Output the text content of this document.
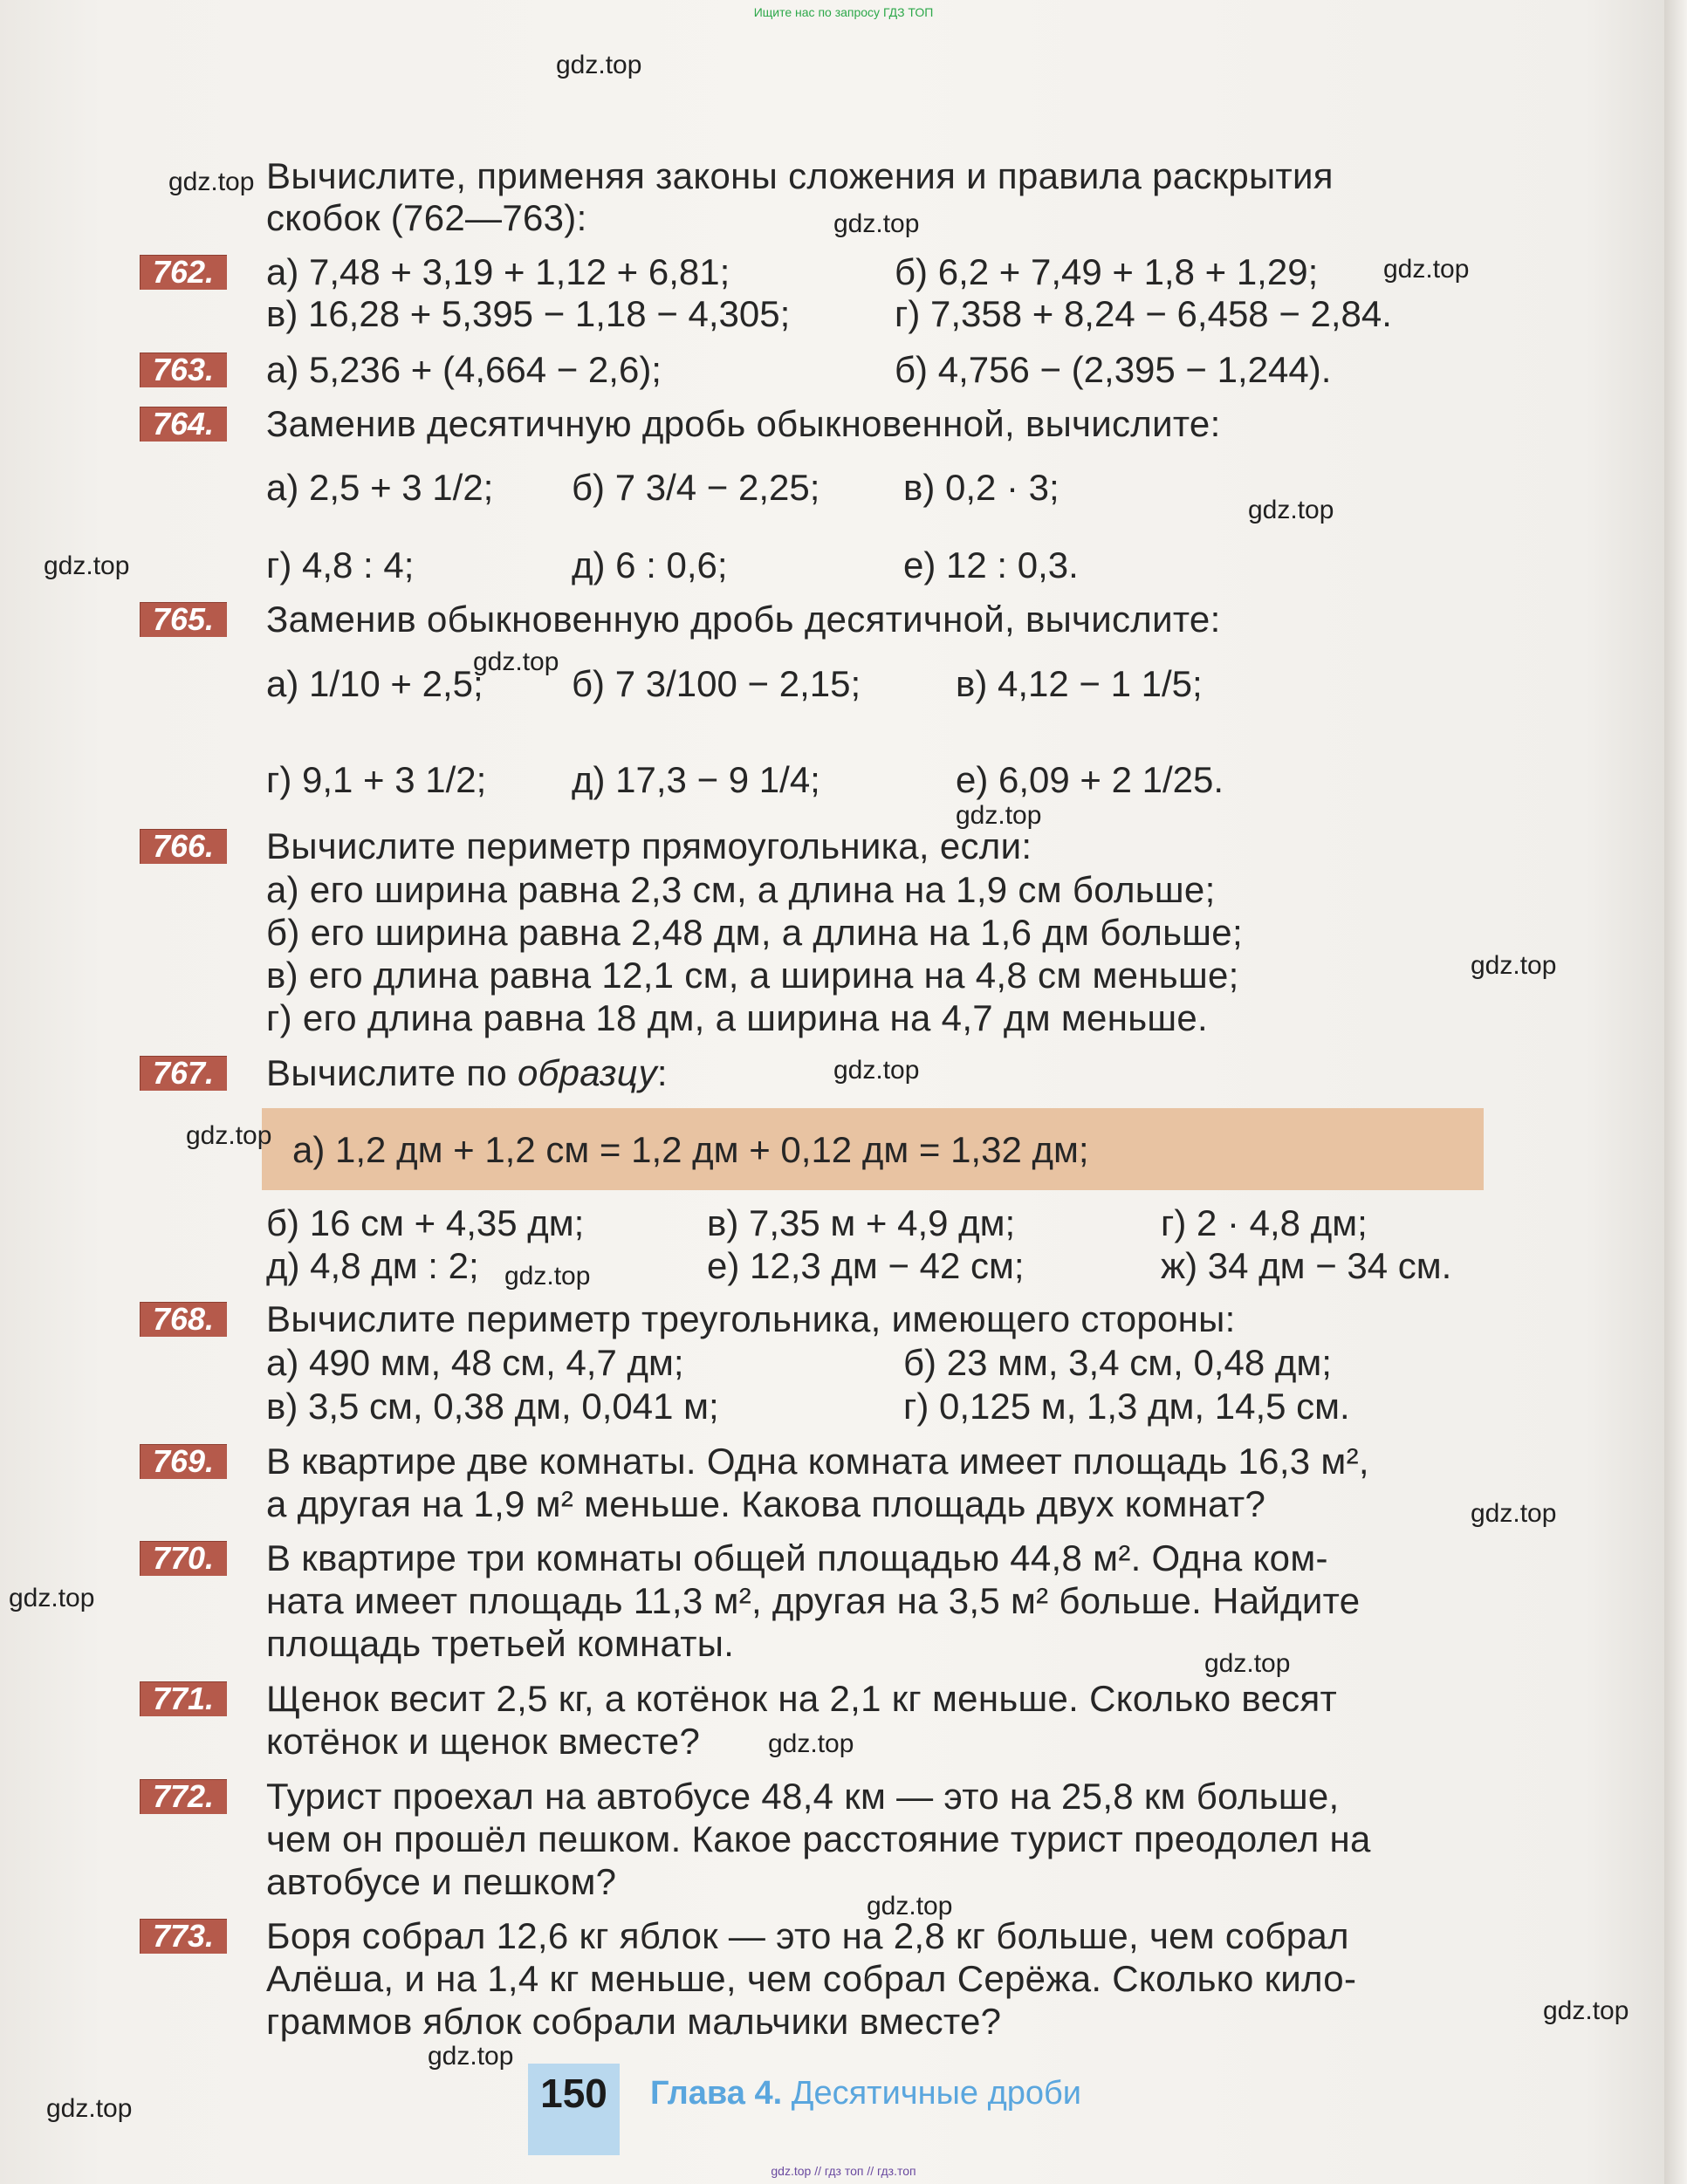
Ищите нас по запросу ГДЗ ТОП
Вычислите, применяя законы сложения и правила раскрытия
скобок (762—763):
762.	а) 7,48 + 3,19 + 1,12 + 6,81;	б) 6,2 + 7,49 + 1,8 + 1,29;
в) 16,28 + 5,395 − 1,18 − 4,305;	г) 7,358 + 8,24 − 6,458 − 2,84.
763.	а) 5,236 + (4,664 − 2,6);	б) 4,756 − (2,395 − 1,244).
764.	Заменив десятичную дробь обыкновенной, вычислите:
а) 2,5 + 3 1/2; б) 7 3/4 − 2,25; в) 0,2 · 3;
г) 4,8 : 4;	д) 6 : 0,6;	е) 12 : 0,3.
765.	Заменив обыкновенную дробь десятичной, вычислите:
а) 1/10 + 2,5; б) 7 3/100 − 2,15;	в) 4,12 − 1 1/5;
г) 9,1 + 3 1/2; д) 17,3 − 9 1/4;	е) 6,09 + 2 1/25.
766.	Вычислите периметр прямоугольника, если:
а) его ширина равна 2,3 см, а длина на 1,9 см больше;
б) его ширина равна 2,48 дм, а длина на 1,6 дм больше;
в) его длина равна 12,1 см, а ширина на 4,8 см меньше;
г) его длина равна 18 дм, а ширина на 4,7 дм меньше.
767.	Вычислите по образцу:
а) 1,2 дм + 1,2 см = 1,2 дм + 0,12 дм = 1,32 дм;
б) 16 см + 4,35 дм;	в) 7,35 м + 4,9 дм;	г) 2 · 4,8 дм;
д) 4,8 дм : 2;	е) 12,3 дм − 42 см;	ж) 34 дм − 34 см.
768.	Вычислите периметр треугольника, имеющего стороны:
а) 490 мм, 48 см, 4,7 дм;	б) 23 мм, 3,4 см, 0,48 дм;
в) 3,5 см, 0,38 дм, 0,041 м;	г) 0,125 м, 1,3 дм, 14,5 см.
769.	В квартире две комнаты. Одна комната имеет площадь 16,3 м²,
а другая на 1,9 м² меньше. Какова площадь двух комнат?
770.	В квартире три комнаты общей площадью 44,8 м². Одна ком-
ната имеет площадь 11,3 м², другая на 3,5 м² больше. Найдите
площадь третьей комнаты.
771.	Щенок весит 2,5 кг, а котёнок на 2,1 кг меньше. Сколько весят
котёнок и щенок вместе?
772.	Турист проехал на автобусе 48,4 км — это на 25,8 км больше,
чем он прошёл пешком. Какое расстояние турист преодолел на
автобусе и пешком?
773.	Боря собрал 12,6 кг яблок — это на 2,8 кг больше, чем собрал
Алёша, и на 1,4 кг меньше, чем собрал Серёжа. Сколько кило-
граммов яблок собрали мальчики вместе?
150	Глава 4. Десятичные дроби
gdz.top
gdz.top
gdz.top
gdz.top
gdz.top
gdz.top
gdz.top
gdz.top
gdz.top
gdz.top
gdz.top
gdz.top
gdz.top
gdz.top
gdz.top
gdz.top
gdz.top
gdz.top
gdz.top
gdz.top
gdz.top // гдз топ // гдз.топ
